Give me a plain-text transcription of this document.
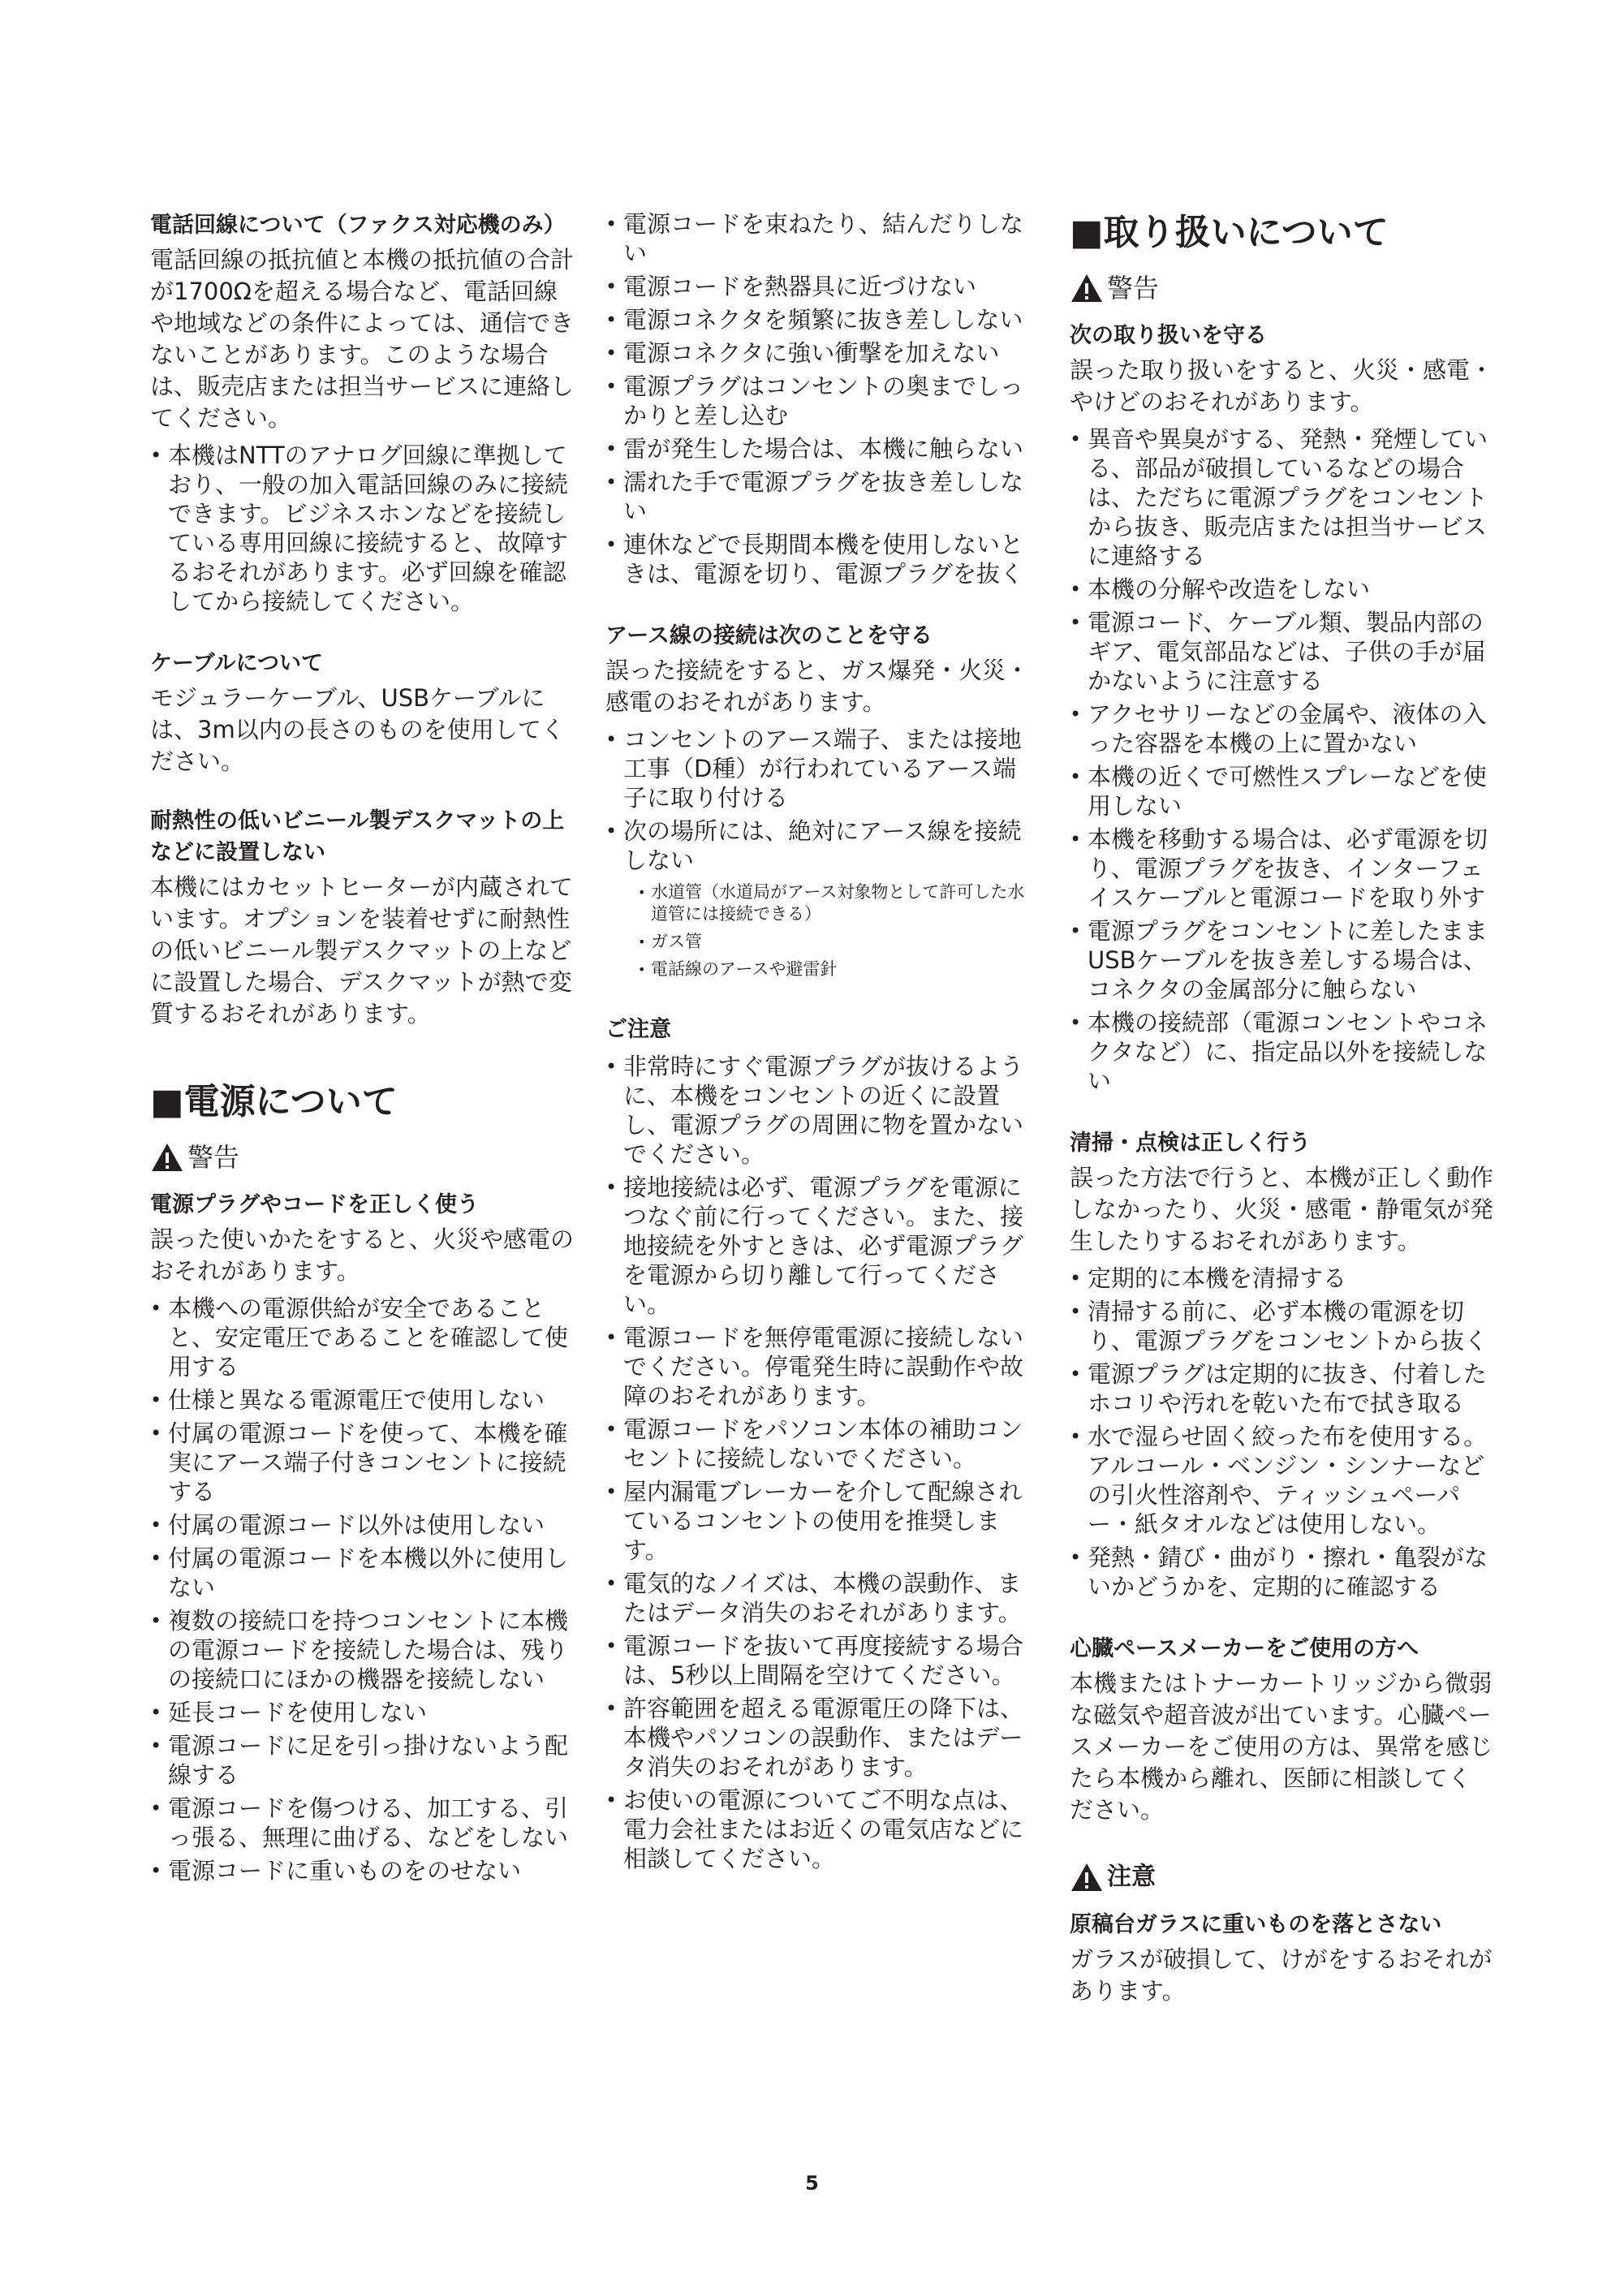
電話回線について（ファクス対応機のみ）

電話回線の抵抗値と本機の抵抗値の合計が1700Ωを超える場合など、電話回線や地域などの条件によっては、通信できないことがあります。このような場合は、販売店または担当サービスに連絡してください。

• 本機はNTTのアナログ回線に準拠しており、一般の加入電話回線のみに接続できます。ビジネスホンなどを接続している専用回線に接続すると、故障するおそれがあります。必ず回線を確認してから接続してください。

ケーブルについて

モジュラーケーブル、USBケーブルには、3m以内の長さのものを使用してください。

耐熱性の低いビニール製デスクマットの上などに設置しない

本機にはカセットヒーターが内蔵されています。オプションを装着せずに耐熱性の低いビニール製デスクマットの上などに設置した場合、デスクマットが熱で変質するおそれがあります。

■電源について
警告

電源プラグやコードを正しく使う

誤った使いかたをすると、火災や感電のおそれがあります。

• 本機への電源供給が安全であることと、安定電圧であることを確認して使用する
• 仕様と異なる電源電圧で使用しない
• 付属の電源コードを使って、本機を確実にアース端子付きコンセントに接続する
• 付属の電源コード以外は使用しない
• 付属の電源コードを本機以外に使用しない
• 複数の接続口を持つコンセントに本機の電源コードを接続した場合は、残りの接続口にほかの機器を接続しない
• 延長コードを使用しない
• 電源コードに足を引っ掛けないよう配線する
• 電源コードを傷つける、加工する、引っ張る、無理に曲げる、などをしない
• 電源コードに重いものをのせない
• 電源コードを束ねたり、結んだりしない
• 電源コードを熱器具に近づけない
• 電源コネクタを頻繁に抜き差ししない
• 電源コネクタに強い衝撃を加えない
• 電源プラグはコンセントの奥までしっかりと差し込む
• 雷が発生した場合は、本機に触らない
• 濡れた手で電源プラグを抜き差ししない
• 連休などで長期間本機を使用しないときは、電源を切り、電源プラグを抜く

アース線の接続は次のことを守る

誤った接続をすると、ガス爆発・火災・感電のおそれがあります。

• コンセントのアース端子、または接地工事（D種）が行われているアース端子に取り付ける
• 次の場所には、絶対にアース線を接続しない
• 水道管（水道局がアース対象物として許可した水道管には接続できる）
• ガス管
• 電話線のアースや避雷針

ご注意

• 非常時にすぐ電源プラグが抜けるように、本機をコンセントの近くに設置し、電源プラグの周囲に物を置かないでください。
• 接地接続は必ず、電源プラグを電源につなぐ前に行ってください。また、接地接続を外すときは、必ず電源プラグを電源から切り離して行ってください。
• 電源コードを無停電電源に接続しないでください。停電発生時に誤動作や故障のおそれがあります。
• 電源コードをパソコン本体の補助コンセントに接続しないでください。
• 屋内漏電ブレーカーを介して配線されているコンセントの使用を推奨します。
• 電気的なノイズは、本機の誤動作、またはデータ消失のおそれがあります。
• 電源コードを抜いて再度接続する場合は、5秒以上間隔を空けてください。
• 許容範囲を超える電源電圧の降下は、本機やパソコンの誤動作、またはデータ消失のおそれがあります。
• お使いの電源についてご不明な点は、電力会社またはお近くの電気店などに相談してください。
■取り扱いについて
警告

次の取り扱いを守る

誤った取り扱いをすると、火災・感電・やけどのおそれがあります。

• 異音や異臭がする、発熱・発煙している、部品が破損しているなどの場合は、ただちに電源プラグをコンセントから抜き、販売店または担当サービスに連絡する
• 本機の分解や改造をしない
• 電源コード、ケーブル類、製品内部のギア、電気部品などは、子供の手が届かないように注意する
• アクセサリーなどの金属や、液体の入った容器を本機の上に置かない
• 本機の近くで可燃性スプレーなどを使用しない
• 本機を移動する場合は、必ず電源を切り、電源プラグを抜き、インターフェイスケーブルと電源コードを取り外す
• 電源プラグをコンセントに差したままUSBケーブルを抜き差しする場合は、コネクタの金属部分に触らない
• 本機の接続部（電源コンセントやコネクタなど）に、指定品以外を接続しない

清掃・点検は正しく行う

誤った方法で行うと、本機が正しく動作しなかったり、火災・感電・静電気が発生したりするおそれがあります。

• 定期的に本機を清掃する
• 清掃する前に、必ず本機の電源を切り、電源プラグをコンセントから抜く
• 電源プラグは定期的に抜き、付着したホコリや汚れを乾いた布で拭き取る
• 水で湿らせ固く絞った布を使用する。アルコール・ベンジン・シンナーなどの引火性溶剤や、ティッシュペーパー・紙タオルなどは使用しない。
• 発熱・錆び・曲がり・擦れ・亀裂がないかどうかを、定期的に確認する

心臓ペースメーカーをご使用の方へ

本機またはトナーカートリッジから微弱な磁気や超音波が出ています。心臓ペースメーカーをご使用の方は、異常を感じたら本機から離れ、医師に相談してください。

注意

原稿台ガラスに重いものを落とさない

ガラスが破損して、けがをするおそれがあります。

5
